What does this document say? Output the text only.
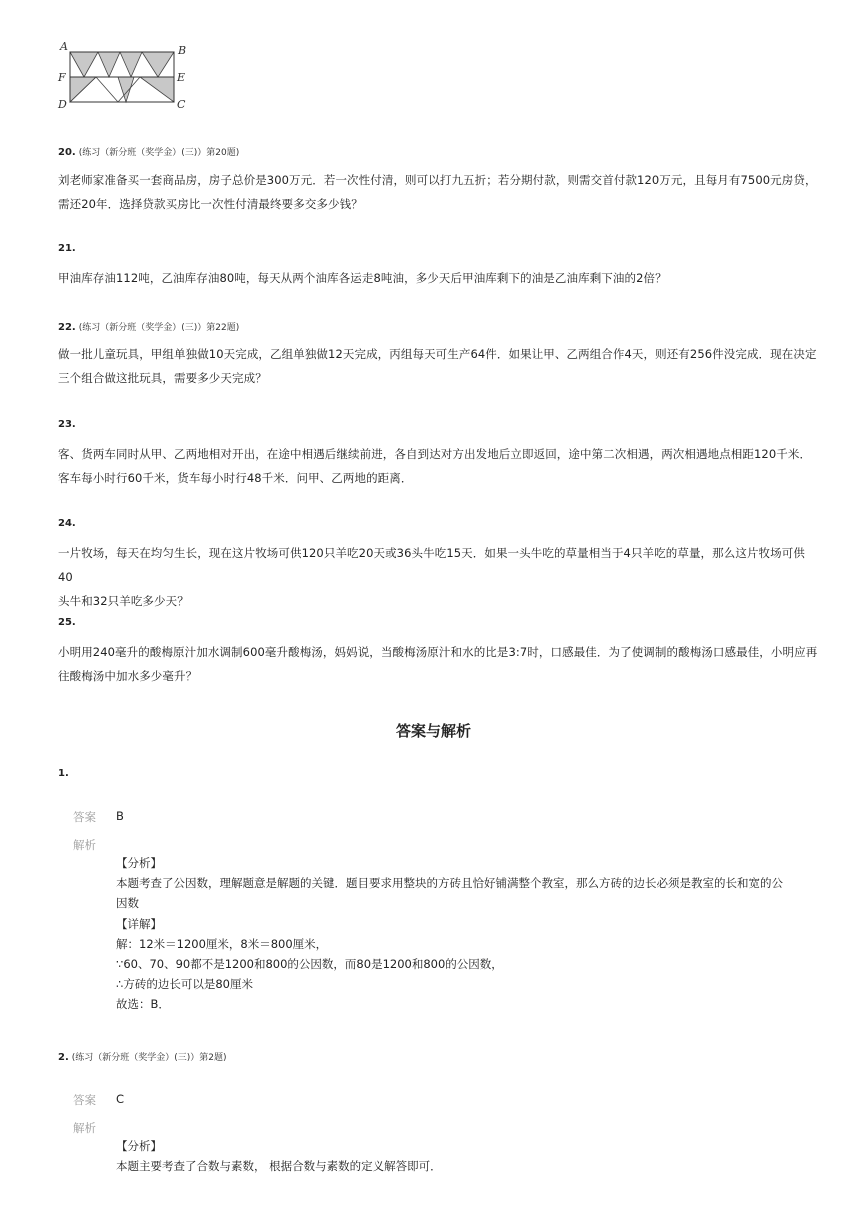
A	B
F	E
D	C
20. (练习（新分班（奖学金）(三)）第20题)
刘老师家准备买一套商品房，房子总价是300万元．若一次性付清，则可以打九五折；若分期付款，则需交首付款120万元，且每月有7500元房贷，
需还20年．选择贷款买房比一次性付清最终要多交多少钱？
21.
甲油库存油112吨，乙油库存油80吨，每天从两个油库各运走8吨油，多少天后甲油库剩下的油是乙油库剩下油的2倍？
22. (练习（新分班（奖学金）(三)）第22题)
做一批儿童玩具，甲组单独做10天完成，乙组单独做12天完成，丙组每天可生产64件．如果让甲、乙两组合作4天，则还有256件没完成．现在决定
三个组合做这批玩具，需要多少天完成？
23.
客、货两车同时从甲、乙两地相对开出，在途中相遇后继续前进，各自到达对方出发地后立即返回，途中第二次相遇，两次相遇地点相距120千米．
客车每小时行60千米，货车每小时行48千米．问甲、乙两地的距离．
24.
一片牧场，每天在均匀生长，现在这片牧场可供120只羊吃20天或36头牛吃15天．如果一头牛吃的草量相当于4只羊吃的草量，那么这片牧场可供40
头牛和32只羊吃多少天？
25.
小明用240毫升的酸梅原汁加水调制600毫升酸梅汤，妈妈说，当酸梅汤原汁和水的比是3:7时，口感最佳．为了使调制的酸梅汤口感最佳，小明应再
往酸梅汤中加水多少毫升？
答案与解析
1.
答案 B
解析
【分析】
本题考查了公因数，理解题意是解题的关键．题目要求用整块的方砖且恰好铺满整个教室，那么方砖的边长必须是教室的长和宽的公
因数
【详解】
解：12米＝1200厘米，8米＝800厘米，
∵60、70、90都不是1200和800的公因数，而80是1200和800的公因数，
∴方砖的边长可以是80厘米
故选：B．
2. (练习（新分班（奖学金）(三)）第2题)
答案 C
解析
【分析】
本题主要考查了合数与素数， 根据合数与素数的定义解答即可．
